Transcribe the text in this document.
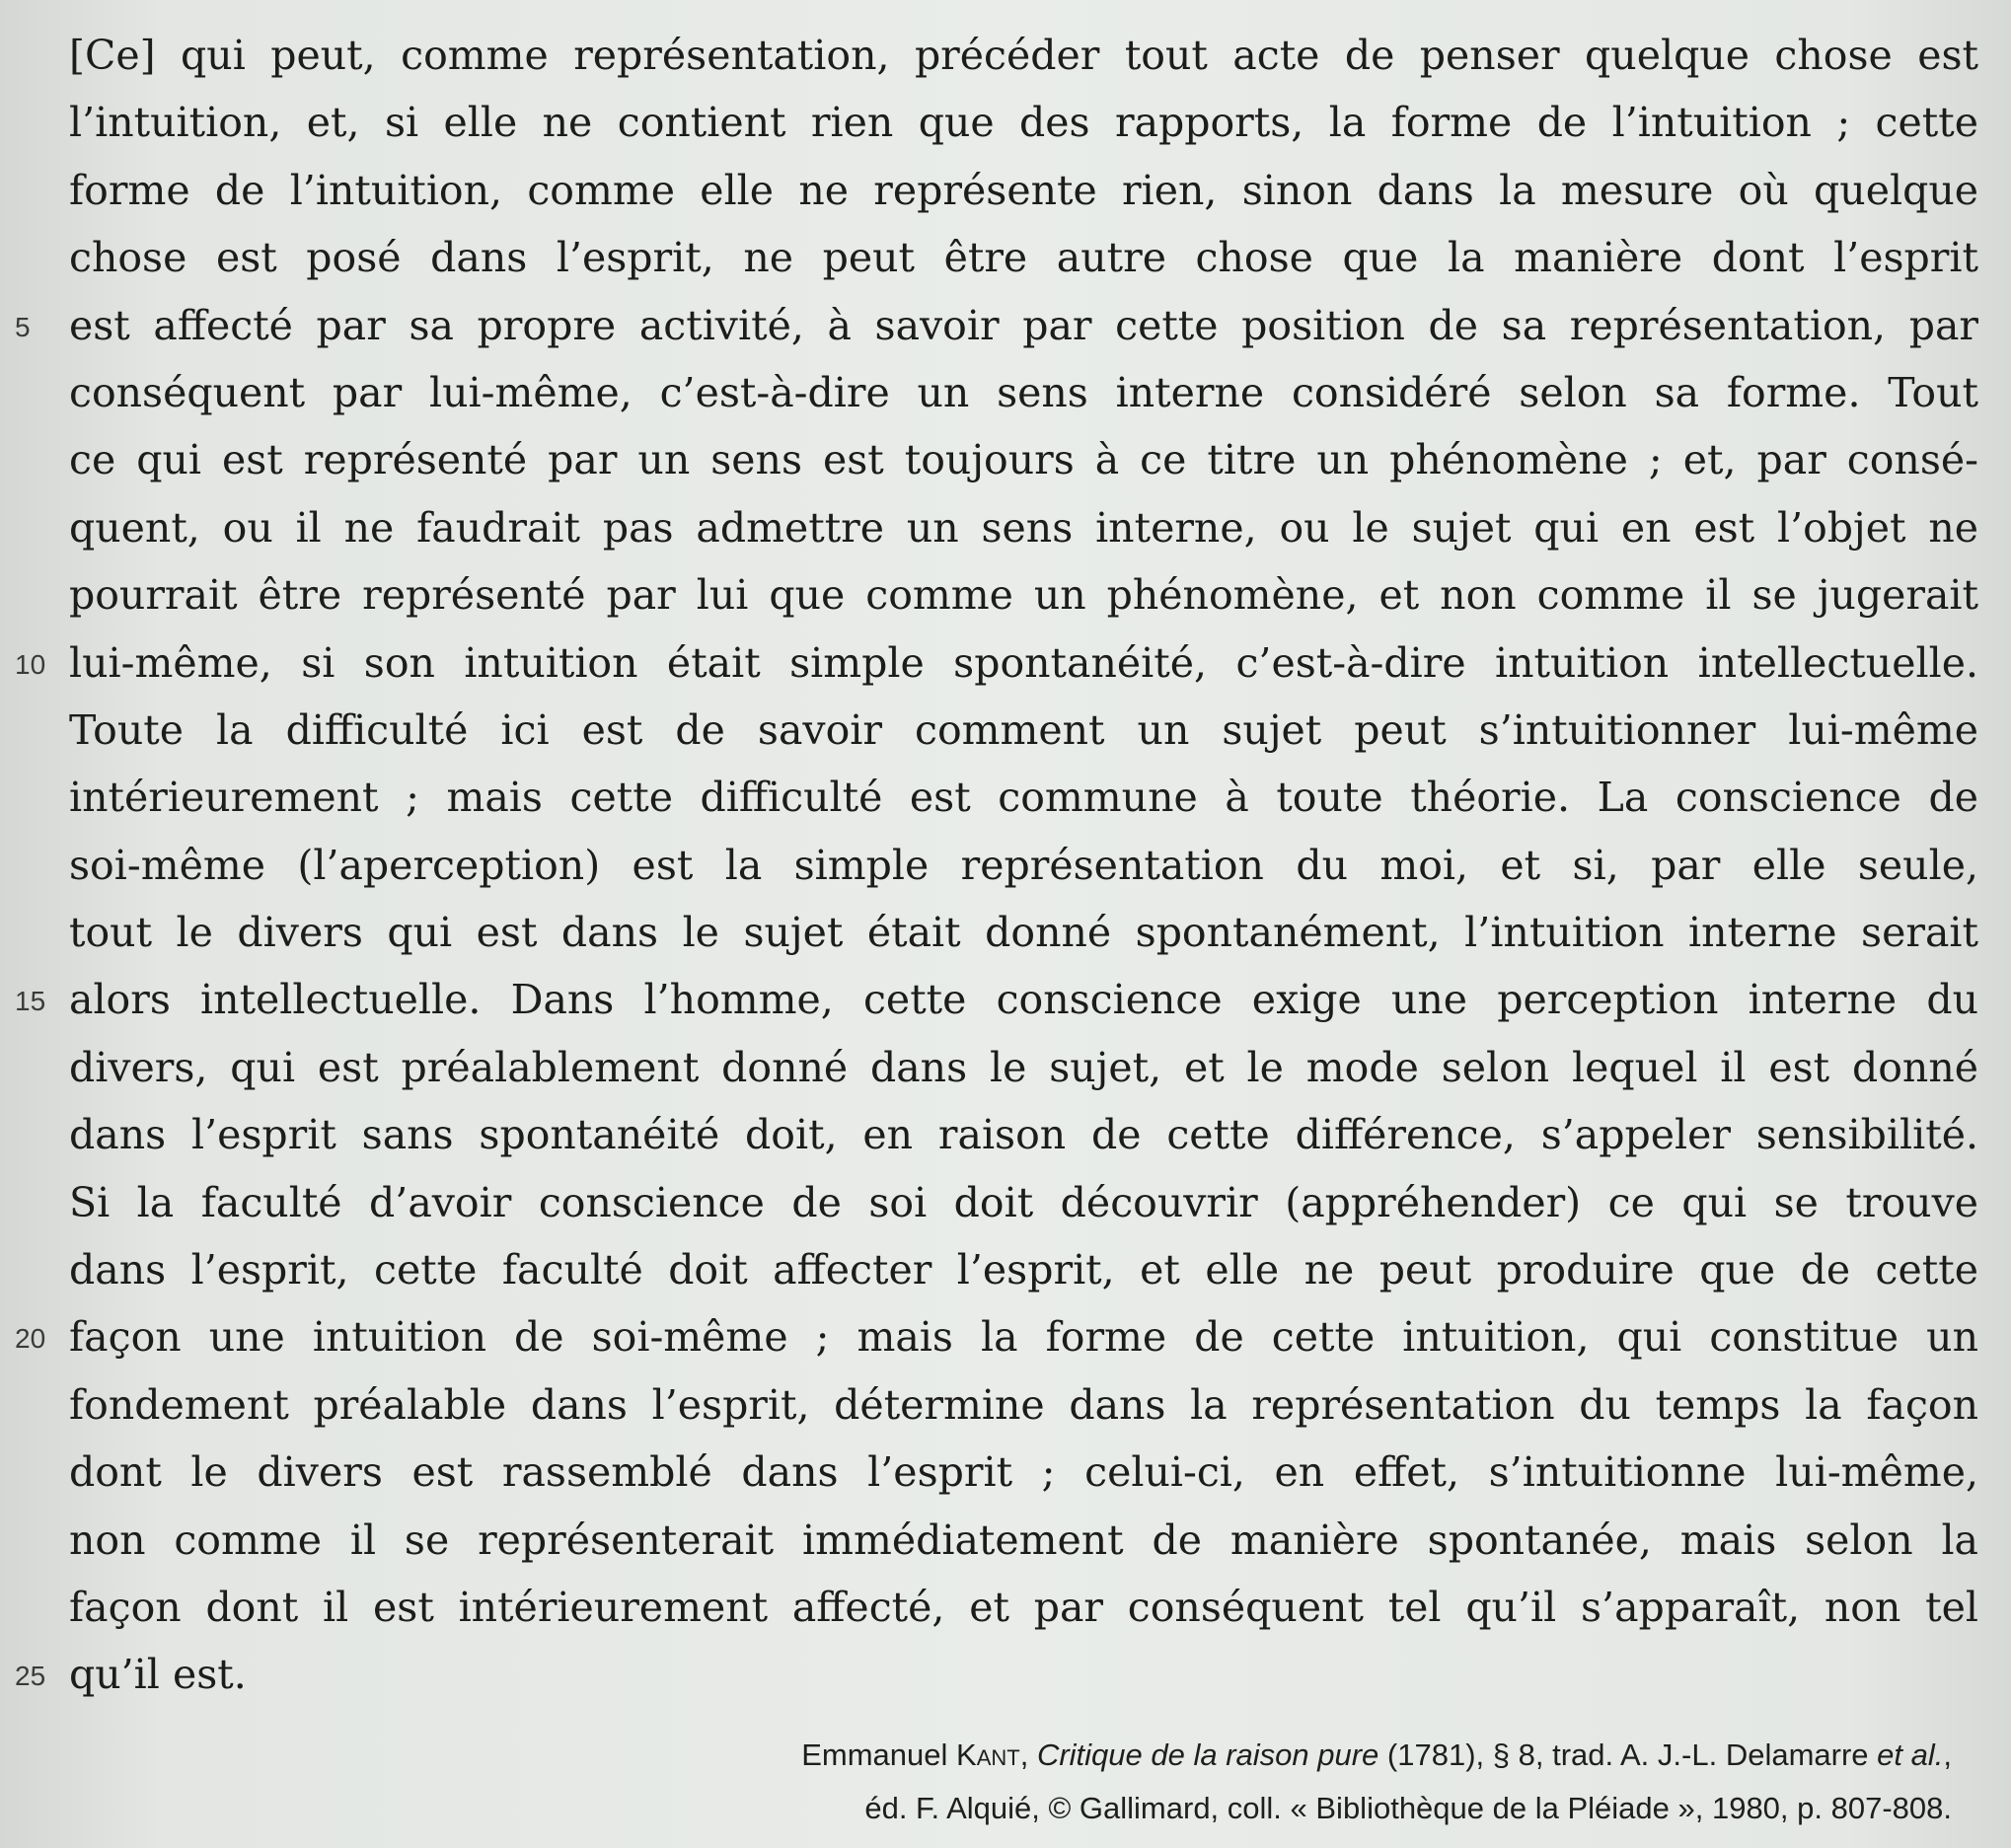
[Ce] qui peut, comme représentation, précéder tout acte de penser quelque chose est
l’intuition, et, si elle ne contient rien que des rapports, la forme de l’intuition ; cette
forme de l’intuition, comme elle ne représente rien, sinon dans la mesure où quelque
chose est posé dans l’esprit, ne peut être autre chose que la manière dont l’esprit
5 est affecté par sa propre activité, à savoir par cette position de sa représentation, par
conséquent par lui-même, c’est-à-dire un sens interne considéré selon sa forme. Tout
ce qui est représenté par un sens est toujours à ce titre un phénomène ; et, par consé-
quent, ou il ne faudrait pas admettre un sens interne, ou le sujet qui en est l’objet ne
pourrait être représenté par lui que comme un phénomène, et non comme il se jugerait
10 lui-même, si son intuition était simple spontanéité, c’est-à-dire intuition intellectuelle.
Toute la difficulté ici est de savoir comment un sujet peut s’intuitionner lui-même
intérieurement ; mais cette difficulté est commune à toute théorie. La conscience de
soi-même (l’aperception) est la simple représentation du moi, et si, par elle seule,
tout le divers qui est dans le sujet était donné spontanément, l’intuition interne serait
15 alors intellectuelle. Dans l’homme, cette conscience exige une perception interne du
divers, qui est préalablement donné dans le sujet, et le mode selon lequel il est donné
dans l’esprit sans spontanéité doit, en raison de cette différence, s’appeler sensibilité.
Si la faculté d’avoir conscience de soi doit découvrir (appréhender) ce qui se trouve
dans l’esprit, cette faculté doit affecter l’esprit, et elle ne peut produire que de cette
20 façon une intuition de soi-même ; mais la forme de cette intuition, qui constitue un
fondement préalable dans l’esprit, détermine dans la représentation du temps la façon
dont le divers est rassemblé dans l’esprit ; celui-ci, en effet, s’intuitionne lui-même,
non comme il se représenterait immédiatement de manière spontanée, mais selon la
façon dont il est intérieurement affecté, et par conséquent tel qu’il s’apparaît, non tel
25 qu’il est.
Emmanuel Kant, Critique de la raison pure (1781), § 8, trad. A. J.-L. Delamarre et al.,
éd. F. Alquié, © Gallimard, coll. « Bibliothèque de la Pléiade », 1980, p. 807-808.
